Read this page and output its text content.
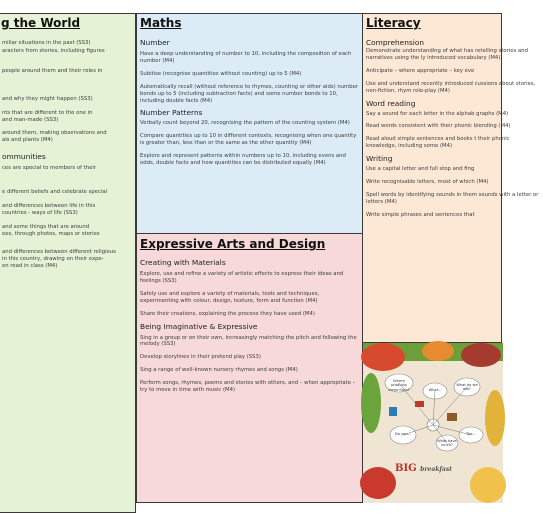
g the World
miliar situations in the past (SS3)
aracters from stories, including figures
people around them and their roles in
and why they might happen (SS3)
nts that are different to the one in
and man-made (SS3)
around them, making observations and
als and plants (M4)
ommunities
ces are special to members of their
e different beliefs and celebrate special
and differences between life in this
countries - ways of life (SS3)
and some things that are around
ees, through photos, maps or stories
and differences between different religious
in this country, drawing on their expe-
en read in class (M4)
Maths
Number
Have a deep understanding of number to 10, including the composition of each number (M4)
Subitise (recognise quantities without counting) up to 5 (M4)
Automatically recall (without reference to rhymes, counting or other aids) number bonds up to 5 (including subtraction facts) and some number bonds to 10, including double facts (M4)
Number Patterns
Verbally count beyond 20, recognising the pattern of the counting system (M4)
Compare quantities up to 10 in different contexts, recognising when one quantity is greater than, less than or the same as the other quantity (M4)
Explore and represent patterns within numbers up to 10, including evens and odds, double facts and how quantities can be distributed equally (M4)
Literacy
Comprehension
Demonstrate understanding of what has retelling stories and narratives using the ly introduced vocabulary (M4)
Anticipate – where appropriate – key eve
Use and understand recently introduced cussions about stories, non-fiction, rhym role-play (M4)
Word reading
Say a sound for each letter in the alphab graphs (M4)
Read words consistent with their phonic blending (M4)
Read aloud simple sentences and books t their phonic knowledge, including some (M4)
Writing
Use a capital letter and full stop and fing
Write recognisable letters, most of which (M4)
Spell words by identifying sounds in them sounds with a letter or letters (M4)
Write simple phrases and sentences that
Expressive Arts and Design
Creating with Materials
Explore, use and refine a variety of artistic effects to express their ideas and feelings (SS3)
Safely use and explore a variety of materials, tools and techniques, experimenting with colour, design, texture, form and function (M4)
Share their creations, explaining the process they have used (M4)
Being Imaginative & Expressive
Sing in a group or on their own, increasingly matching the pitch and following the melody (SS3)
Develop storylines in their pretend play (SS3)
Sing a range of well-known nursery rhymes and songs (M4)
Perform songs, rhymes, poems and stories with others, and – when appropriate – try to move in time with music (M4)
Where products come from?	What...
What do we eat?
Do you...
What have lunch?
The...
BIG breakfast
